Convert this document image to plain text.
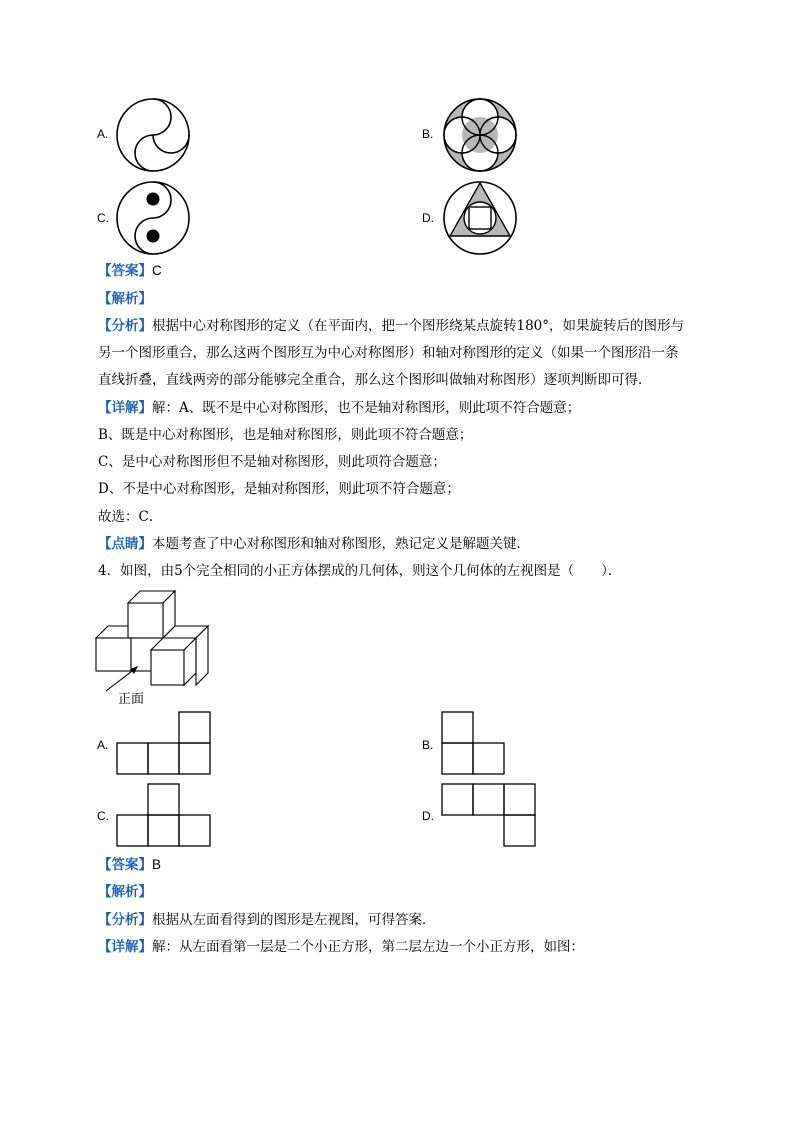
A.	B.
C.	D.
【答案】C
【解析】
【分析】根据中心对称图形的定义（在平面内，把一个图形绕某点旋转180°，如果旋转后的图形与
另一个图形重合，那么这两个图形互为中心对称图形）和轴对称图形的定义（如果一个图形沿一条
直线折叠，直线两旁的部分能够完全重合，那么这个图形叫做轴对称图形）逐项判断即可得．
【详解】解：A、既不是中心对称图形，也不是轴对称图形，则此项不符合题意；
B、既是中心对称图形，也是轴对称图形，则此项不符合题意；
C、是中心对称图形但不是轴对称图形，则此项符合题意；
D、不是中心对称图形，是轴对称图形，则此项不符合题意；
故选：C．
【点睛】本题考查了中心对称图形和轴对称图形，熟记定义是解题关键．
4．如图，由5个完全相同的小正方体摆成的几何体，则这个几何体的左视图是（　　）．
正面
A.	B.
C.	D.
【答案】B
【解析】
【分析】根据从左面看得到的图形是左视图，可得答案．
【详解】解：从左面看第一层是二个小正方形，第二层左边一个小正方形，如图：
